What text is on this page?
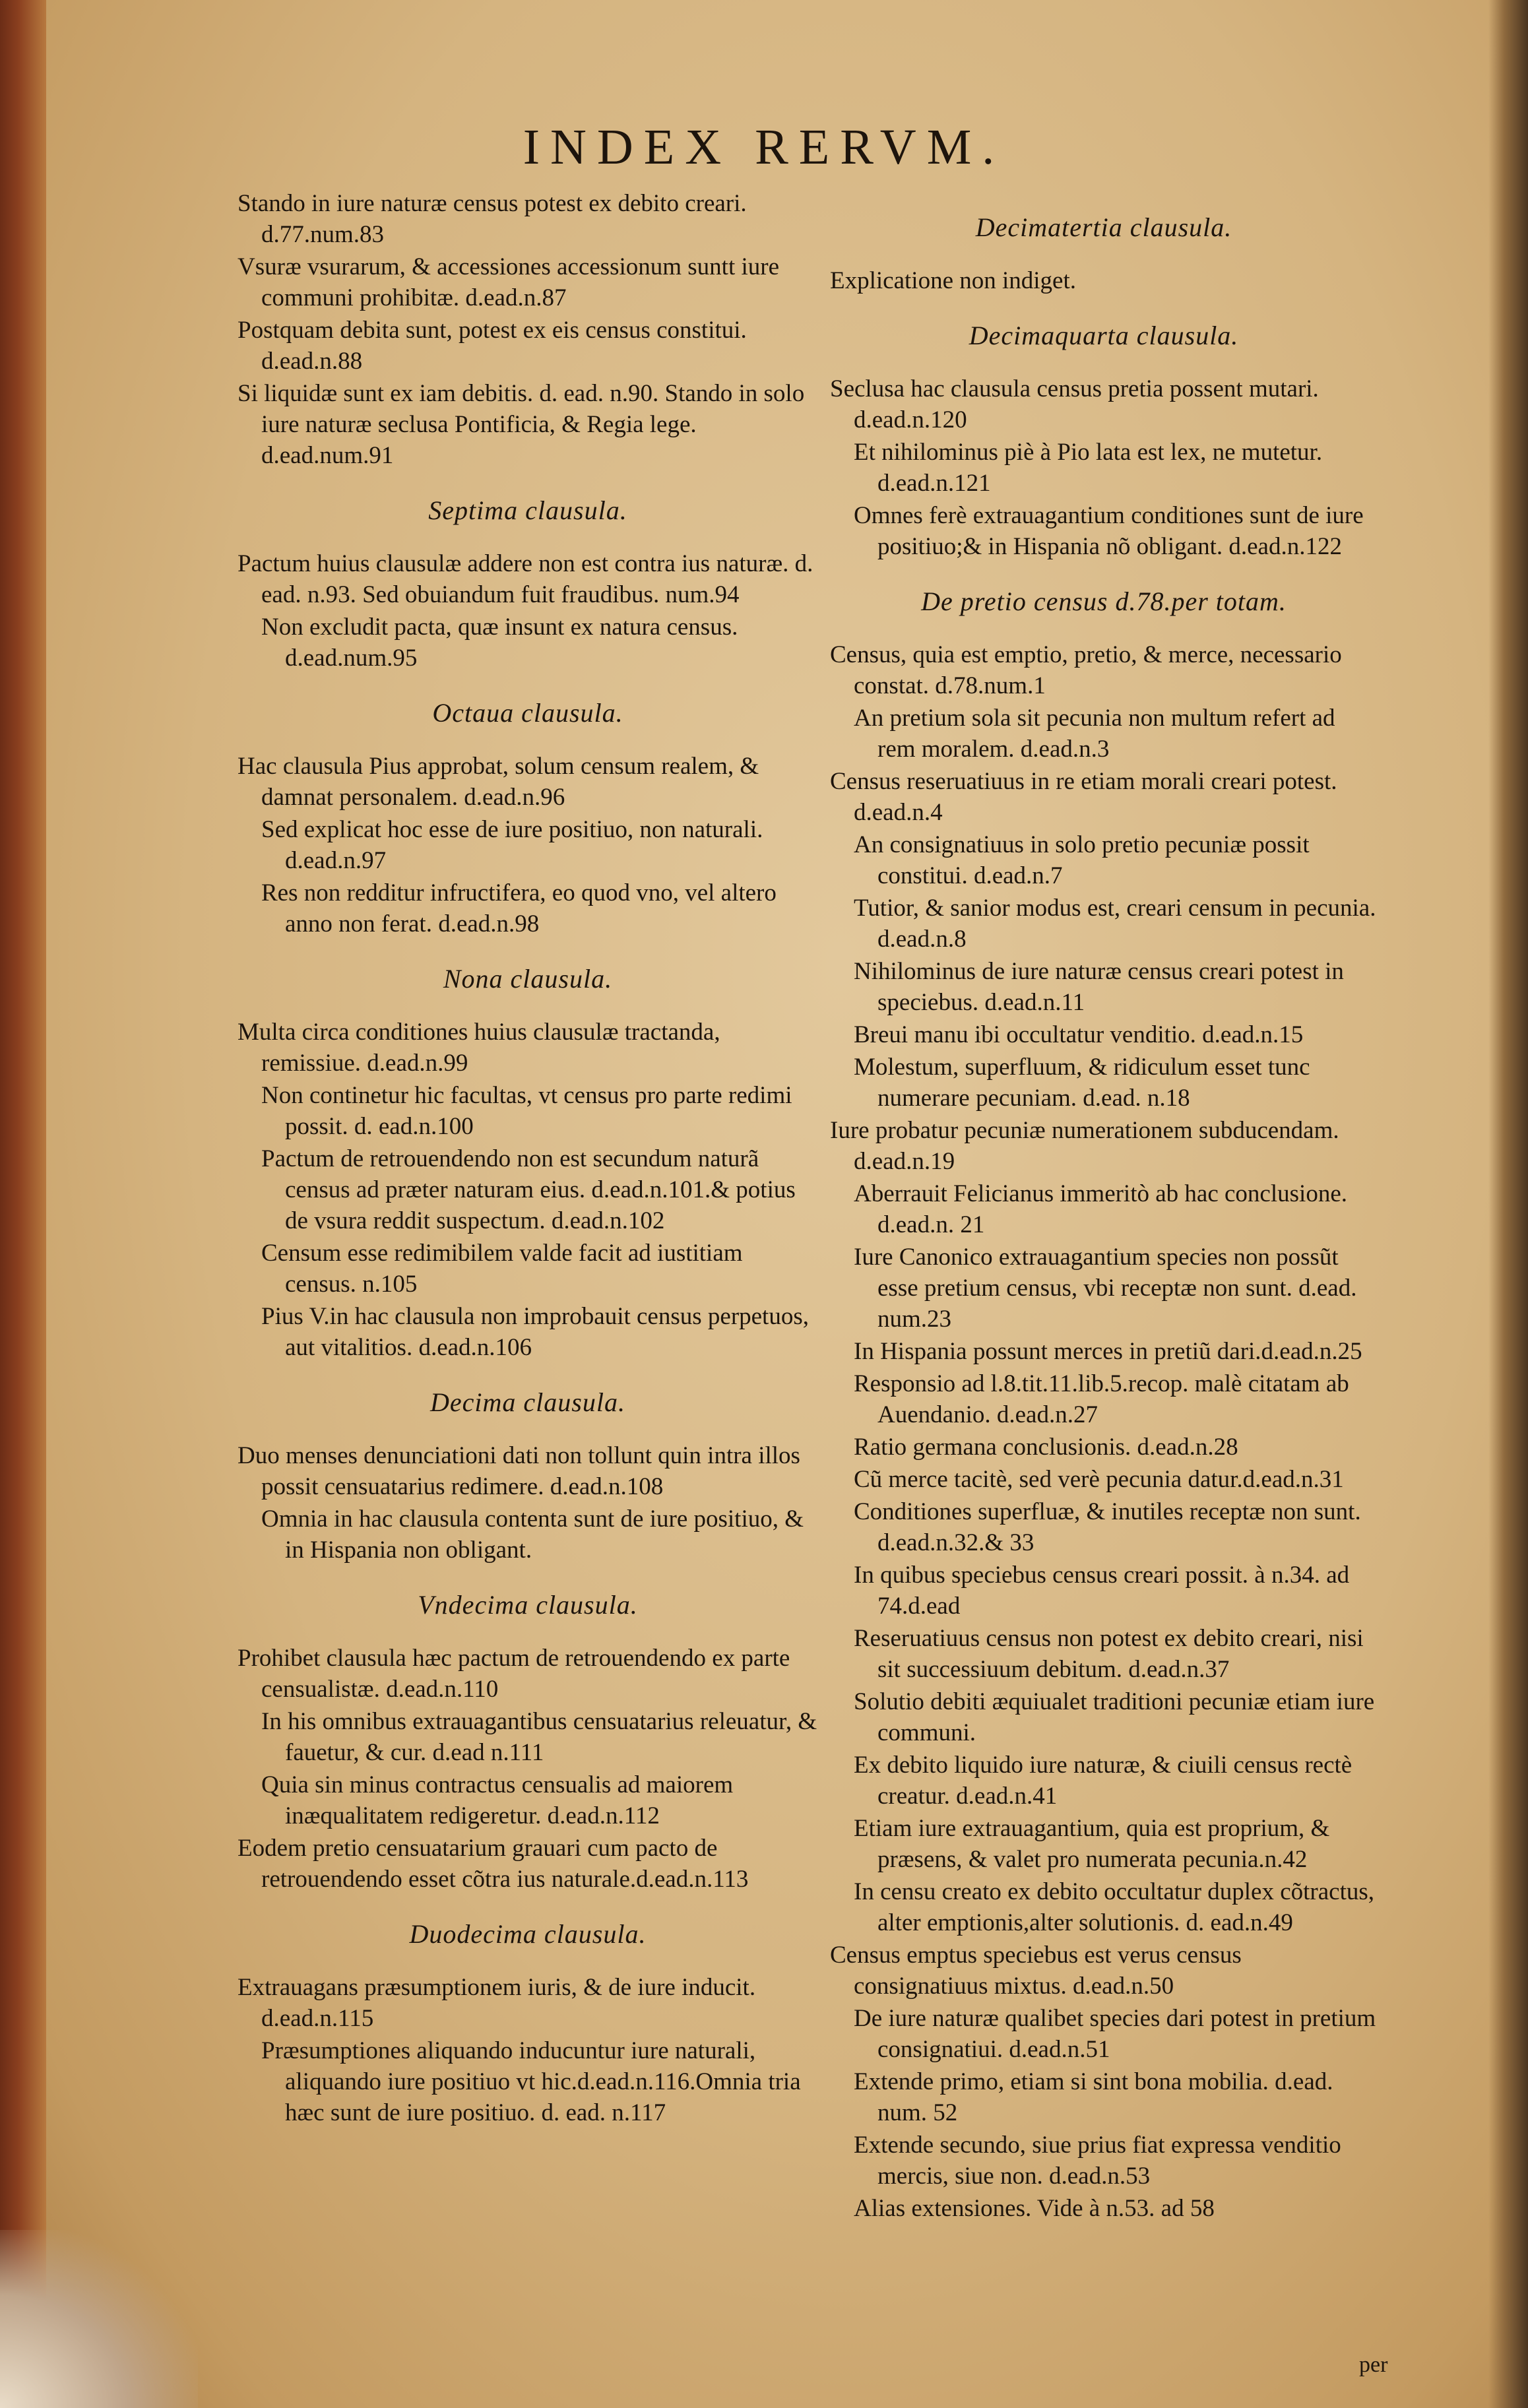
INDEX RERVM.
Stando in iure naturæ census potest ex debito creari. d.77.num.83
Vsuræ vsurarum, & accessiones accessionum suntt iure communi prohibitæ. d.ead.n.87
Postquam debita sunt, potest ex eis census constitui. d.ead.n.88
Si liquidæ sunt ex iam debitis. d. ead. n.90. Stando in solo iure naturæ seclusa Pontificia, & Regia lege. d.ead.num.91
Septima clausula.
Pactum huius clausulæ addere non est contra ius naturæ. d. ead. n.93. Sed obuiandum fuit fraudibus. num.94
Non excludit pacta, quæ insunt ex natura census. d.ead.num.95
Octaua clausula.
Hac clausula Pius approbat, solum censum realem, & damnat personalem. d.ead.n.96
Sed explicat hoc esse de iure positiuo, non naturali. d.ead.n.97
Res non redditur infructifera, eo quod vno, vel altero anno non ferat. d.ead.n.98
Nona clausula.
Multa circa conditiones huius clausulæ tractanda, remissiue. d.ead.n.99
Non continetur hic facultas, vt census pro parte redimi possit. d. ead.n.100
Pactum de retrouendendo non est secundum naturã census ad præter naturam eius. d.ead.n.101.& potius de vsura reddit suspectum. d.ead.n.102
Censum esse redimibilem valde facit ad iustitiam census. n.105
Pius V.in hac clausula non improbauit census perpetuos, aut vitalitios. d.ead.n.106
Decima clausula.
Duo menses denunciationi dati non tollunt quin intra illos possit censuatarius redimere. d.ead.n.108
Omnia in hac clausula contenta sunt de iure positiuo, & in Hispania non obligant.
Vndecima clausula.
Prohibet clausula hæc pactum de retrouendendo ex parte censualistæ. d.ead.n.110
In his omnibus extrauagantibus censuatarius releuatur, & fauetur, & cur. d.ead n.111
Quia sin minus contractus censualis ad maiorem inæqualitatem redigeretur. d.ead.n.112
Eodem pretio censuatarium grauari cum pacto de retrouendendo esset cõtra ius naturale.d.ead.n.113
Duodecima clausula.
Extrauagans præsumptionem iuris, & de iure inducit. d.ead.n.115
Præsumptiones aliquando inducuntur iure naturali, aliquando iure positiuo vt hic.d.ead.n.116.Omnia tria hæc sunt de iure positiuo. d. ead. n.117
Decimatertia clausula.
Explicatione non indiget.
Decimaquarta clausula.
Seclusa hac clausula census pretia possent mutari. d.ead.n.120
Et nihilominus piè à Pio lata est lex, ne mutetur. d.ead.n.121
Omnes ferè extrauagantium conditiones sunt de iure positiuo;& in Hispania nõ obligant. d.ead.n.122
De pretio census d.78.per totam.
Census, quia est emptio, pretio, & merce, necessario constat. d.78.num.1
An pretium sola sit pecunia non multum refert ad rem moralem. d.ead.n.3
Census reseruatiuus in re etiam morali creari potest. d.ead.n.4
An consignatiuus in solo pretio pecuniæ possit constitui. d.ead.n.7
Tutior, & sanior modus est, creari censum in pecunia. d.ead.n.8
Nihilominus de iure naturæ census creari potest in speciebus. d.ead.n.11
Breui manu ibi occultatur venditio. d.ead.n.15
Molestum, superfluum, & ridiculum esset tunc numerare pecuniam. d.ead. n.18
Iure probatur pecuniæ numerationem subducendam. d.ead.n.19
Aberrauit Felicianus immeritò ab hac conclusione. d.ead.n. 21
Iure Canonico extrauagantium species non possũt esse pretium census, vbi receptæ non sunt. d.ead. num.23
In Hispania possunt merces in pretiũ dari.d.ead.n.25
Responsio ad l.8.tit.11.lib.5.recop. malè citatam ab Auendanio. d.ead.n.27
Ratio germana conclusionis. d.ead.n.28
Cũ merce tacitè, sed verè pecunia datur.d.ead.n.31
Conditiones superfluæ, & inutiles receptæ non sunt. d.ead.n.32.& 33
In quibus speciebus census creari possit. à n.34. ad 74.d.ead
Reseruatiuus census non potest ex debito creari, nisi sit successiuum debitum. d.ead.n.37
Solutio debiti æquiualet traditioni pecuniæ etiam iure communi.
Ex debito liquido iure naturæ, & ciuili census rectè creatur. d.ead.n.41
Etiam iure extrauagantium, quia est proprium, & præsens, & valet pro numerata pecunia.n.42
In censu creato ex debito occultatur duplex cõtractus, alter emptionis,alter solutionis. d. ead.n.49
Census emptus speciebus est verus census consignatiuus mixtus. d.ead.n.50
De iure naturæ qualibet species dari potest in pretium consignatiui. d.ead.n.51
Extende primo, etiam si sint bona mobilia. d.ead. num. 52
Extende secundo, siue prius fiat expressa venditio mercis, siue non. d.ead.n.53
Alias extensiones. Vide à n.53. ad 58
per
